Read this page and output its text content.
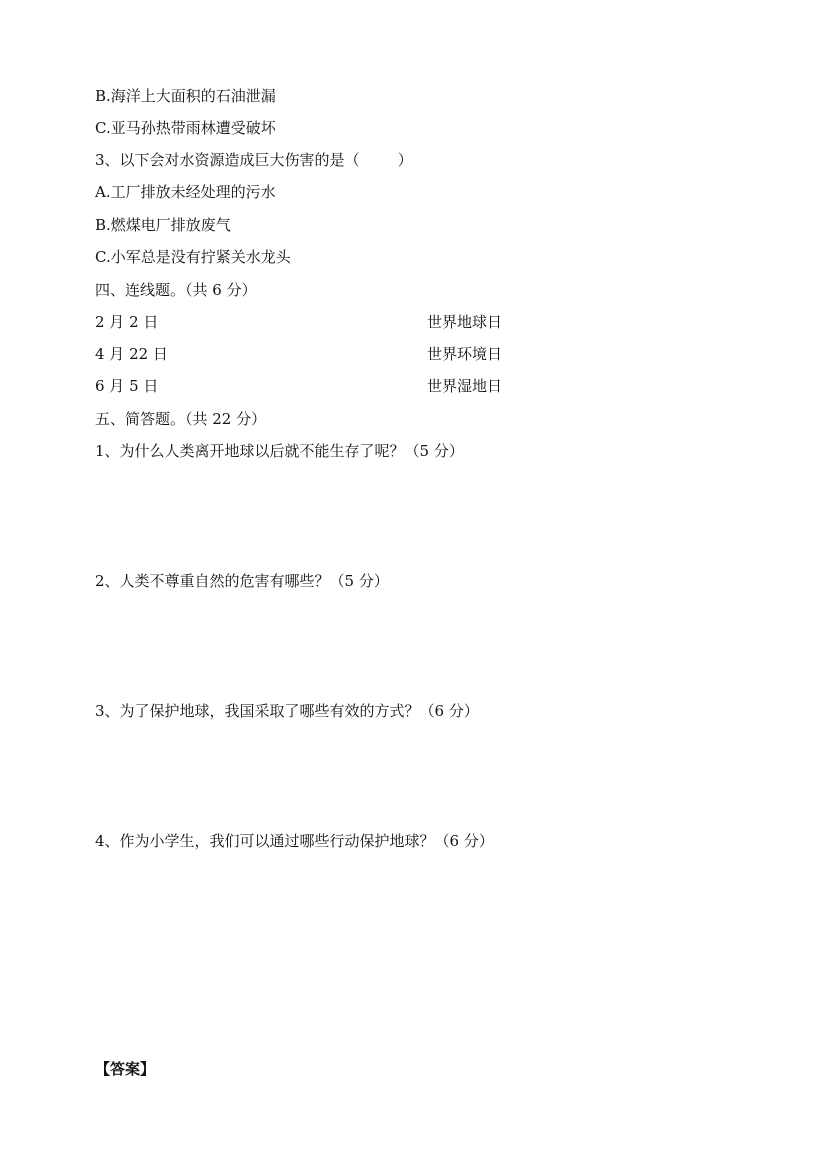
B.海洋上大面积的石油泄漏
C.亚马孙热带雨林遭受破坏
3、以下会对水资源造成巨大伤害的是（        ）
A.工厂排放未经处理的污水
B.燃煤电厂排放废气
C.小军总是没有拧紧关水龙头
四、连线题。（共 6 分）
2 月 2 日	世界地球日
4 月 22 日	世界环境日
6 月 5 日	世界湿地日
五、简答题。（共 22 分）
1、为什么人类离开地球以后就不能生存了呢？（5 分）
2、人类不尊重自然的危害有哪些？（5 分）
3、为了保护地球，我国采取了哪些有效的方式？（6 分）
4、作为小学生，我们可以通过哪些行动保护地球？（6 分）
【答案】
